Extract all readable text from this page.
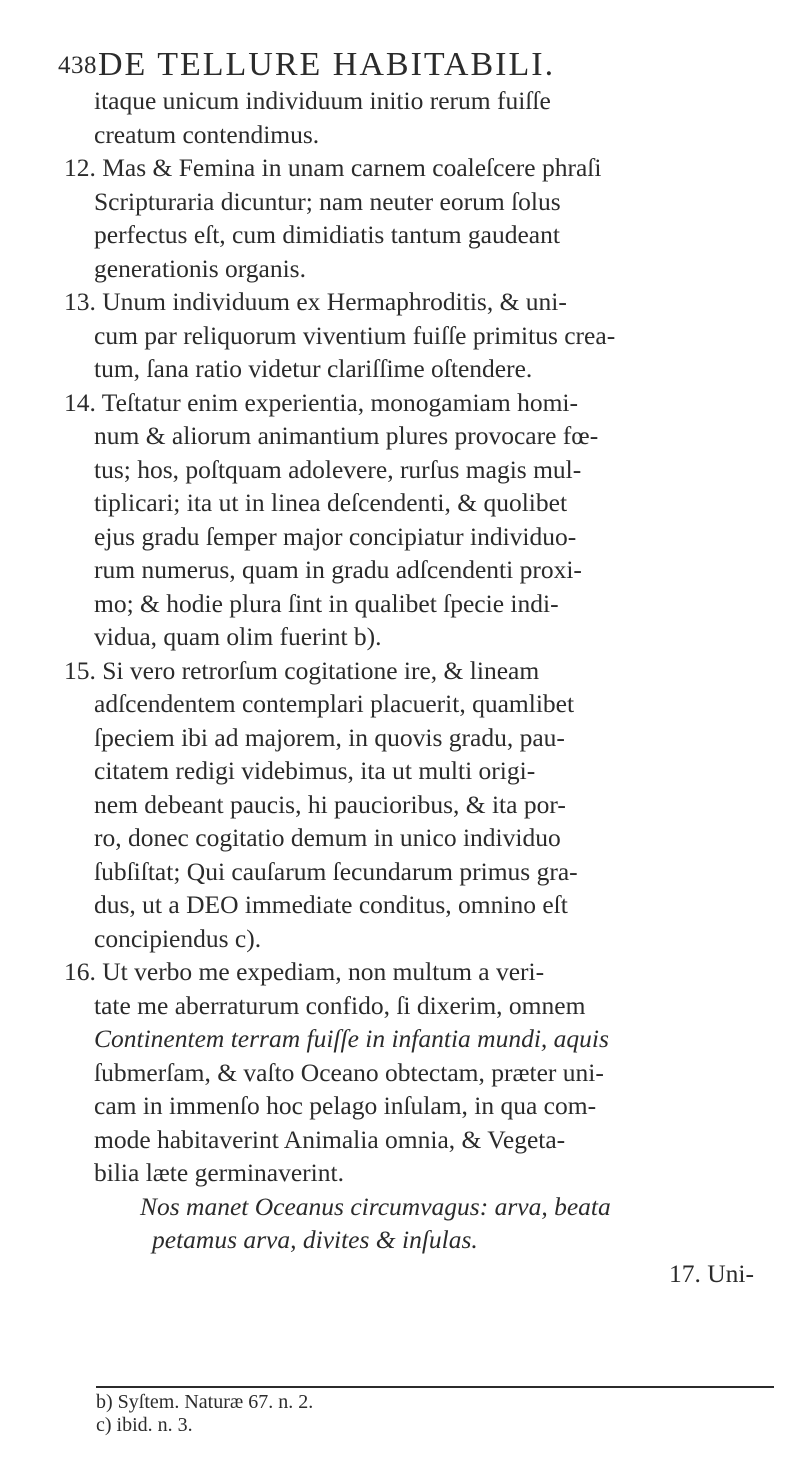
438 DE TELLURE HABITABILI.
itaque unicum individuum initio rerum fuiſſe
creatum contendimus.
12. Mas & Femina in unam carnem coaleſcere phraſi
Scripturaria dicuntur; nam neuter eorum ſolus
perfectus eſt, cum dimidiatis tantum gaudeant
generationis organis.
13. Unum individuum ex Hermaphroditis, & uni-
cum par reliquorum viventium fuiſſe primitus crea-
tum, ſana ratio videtur clariſſime oſtendere.
14. Teſtatur enim experientia, monogamiam homi-
num & aliorum animantium plures provocare fœ-
tus; hos, poſtquam adolevere, rurſus magis mul-
tiplicari; ita ut in linea deſcendenti, & quolibet
ejus gradu ſemper major concipiatur individuo-
rum numerus, quam in gradu adſcendenti proxi-
mo; & hodie plura ſint in qualibet ſpecie indi-
vidua, quam olim fuerint b).
15. Si vero retrorſum cogitatione ire, & lineam
adſcendentem contemplari placuerit, quamlibet
ſpeciem ibi ad majorem, in quovis gradu, pau-
citatem redigi videbimus, ita ut multi origi-
nem debeant paucis, hi paucioribus, & ita por-
ro, donec cogitatio demum in unico individuo
ſubſiſtat; Qui cauſarum ſecundarum primus gra-
dus, ut a DEO immediate conditus, omnino eſt
concipiendus c).
16. Ut verbo me expediam, non multum a veri-
tate me aberraturum confido, ſi dixerim, omnem
Continentem terram fuiſſe in infantia mundi, aquis
ſubmerſam, & vaſto Oceano obtectam, præter uni-
cam in immenſo hoc pelago inſulam, in qua com-
mode habitaverint Animalia omnia, & Vegeta-
bilia læte germinaverint.
Nos manet Oceanus circumvagus: arva, beata
petamus arva, divites & inſulas.
17. Uni-
b) Syſtem. Naturæ 67. n. 2.
c) ibid. n. 3.
